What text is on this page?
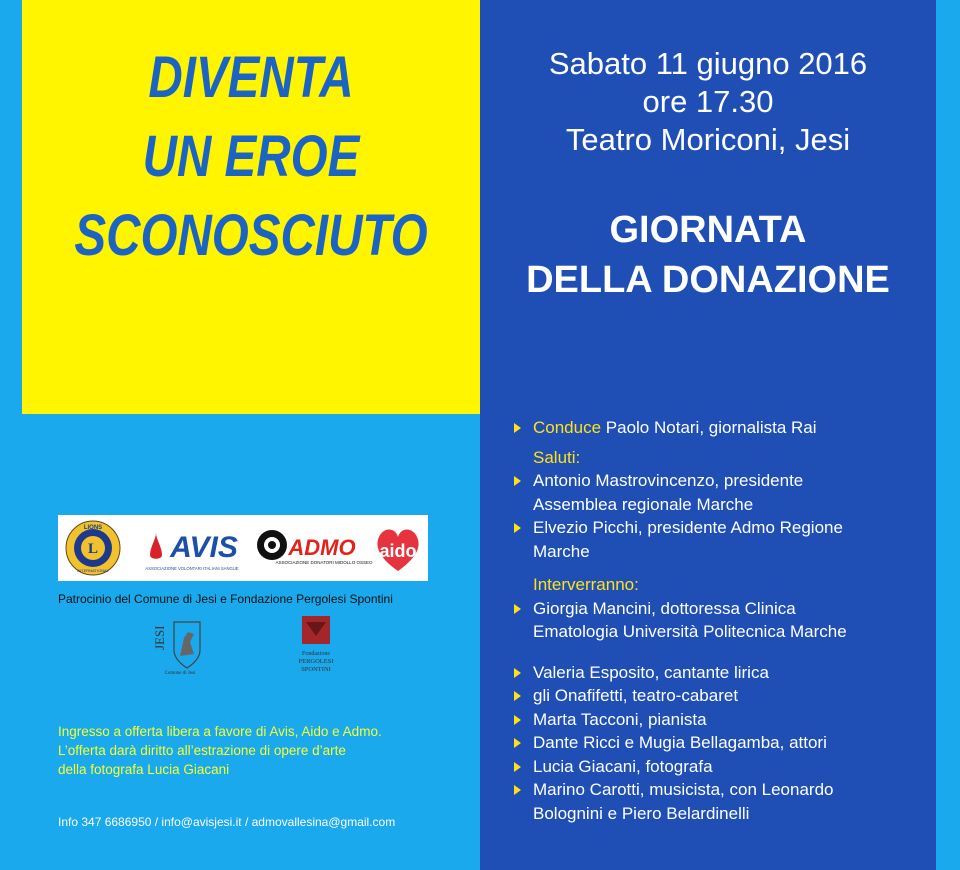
DIVENTA
UN EROE
SCONOSCIUTO
Sabato 11 giugno 2016
ore 17.30
Teatro Moriconi, Jesi
GIORNATA
DELLA DONAZIONE
Conduce Paolo Notari, giornalista Rai
Saluti:
Antonio Mastrovincenzo, presidente
Assemblea regionale Marche
Elvezio Picchi, presidente Admo Regione
Marche
Interverranno:
Giorgia Mancini, dottoressa Clinica
Ematologia Università Politecnica Marche
Valeria Esposito, cantante lirica
gli Onafifetti, teatro-cabaret
Marta Tacconi, pianista
Dante Ricci e Mugia Bellagamba, attori
Lucia Giacani, fotografa
Marino Carotti, musicista, con Leonardo
Bolognini e Piero Belardinelli
L
LIONS
INTERNATIONAL
AVIS
ASSOCIAZIONE VOLONTARI ITALIANI SANGUE
ADMO
ASSOCIAZIONE DONATORI MIDOLLO OSSEO
aido
Patrocinio del Comune di Jesi e Fondazione Pergolesi Spontini
JESI
Comune di Jesi
Fondazione
PERGOLESI
SPONTINI
Ingresso a offerta libera a favore di Avis, Aido e Admo.
L’offerta darà diritto all’estrazione di opere d’arte
della fotografa Lucia Giacani
Info 347 6686950 / info@avisjesi.it / admovallesina@gmail.com
